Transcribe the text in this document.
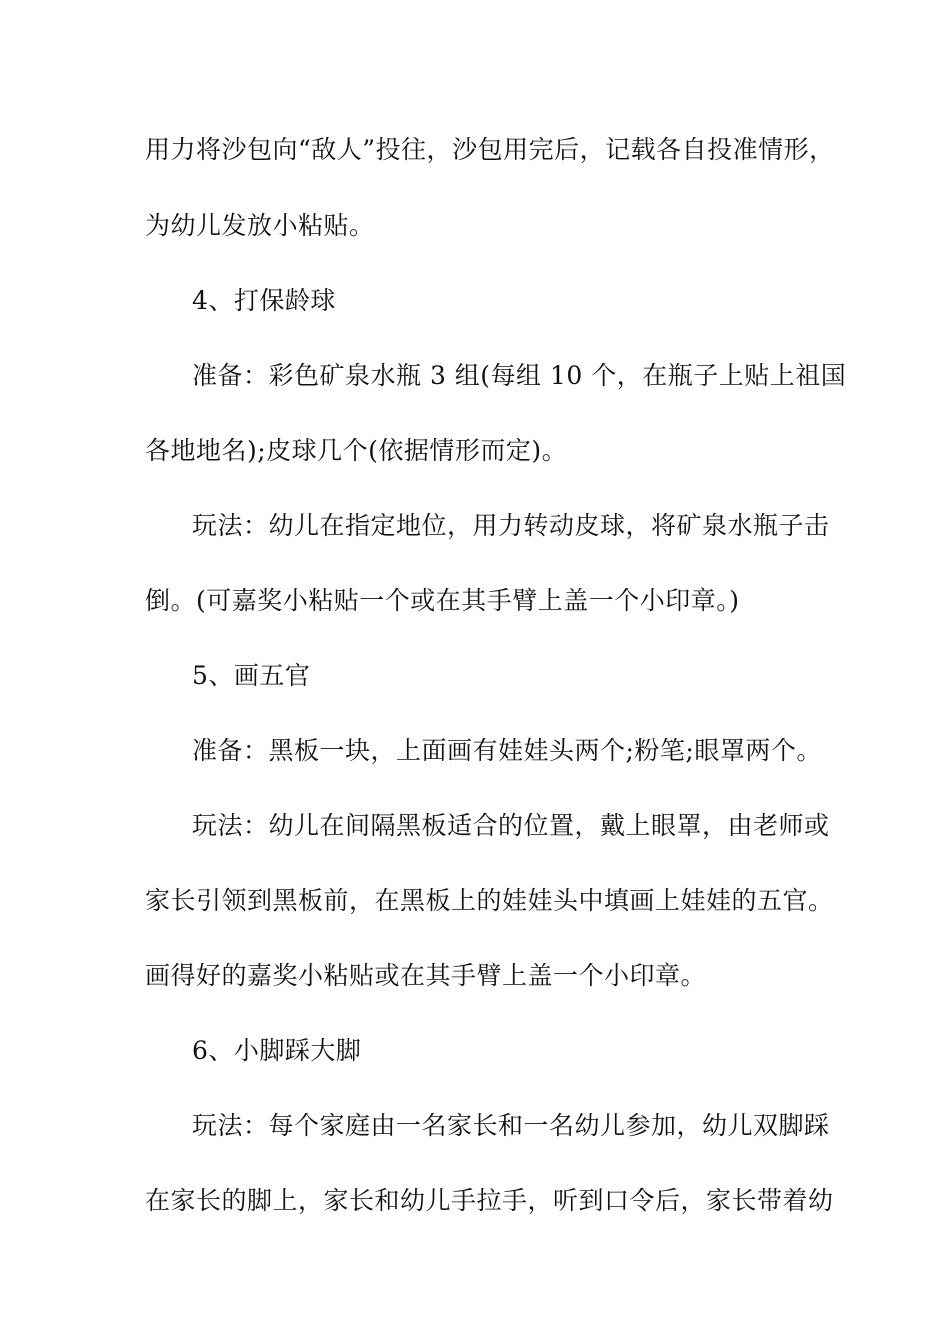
用力将沙包向“敌人”投往，沙包用完后，记载各自投准情形，
为幼儿发放小粘贴。
4、打保龄球
准备：彩色矿泉水瓶 3 组(每组 10 个，在瓶子上贴上祖国
各地地名);皮球几个(依据情形而定)。
玩法：幼儿在指定地位，用力转动皮球，将矿泉水瓶子击
倒。(可嘉奖小粘贴一个或在其手臂上盖一个小印章。)
5、画五官
准备：黑板一块，上面画有娃娃头两个;粉笔;眼罩两个。
玩法：幼儿在间隔黑板适合的位置，戴上眼罩，由老师或
家长引领到黑板前，在黑板上的娃娃头中填画上娃娃的五官。
画得好的嘉奖小粘贴或在其手臂上盖一个小印章。
6、小脚踩大脚
玩法：每个家庭由一名家长和一名幼儿参加，幼儿双脚踩
在家长的脚上，家长和幼儿手拉手，听到口令后，家长带着幼
